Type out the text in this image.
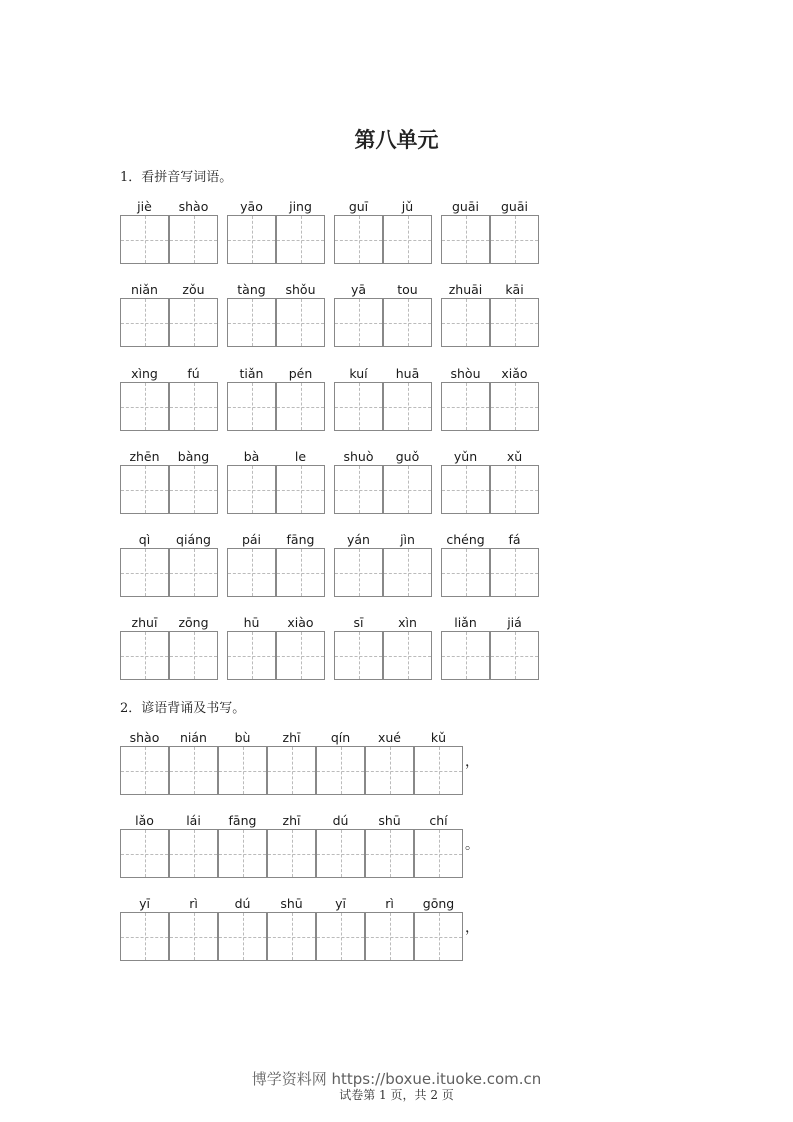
第八单元
1．看拼音写词语。
jiè	shào	yāo	jing	guī	jǔ	guāi	guāi
niǎn	zǒu	tàng	shǒu	yā	tou	zhuāi	kāi
xìng	fú	tiǎn	pén	kuí	huā	shòu	xiǎo
zhēn	bàng	bà	le	shuò	guǒ	yǔn	xǔ
qì	qiáng	pái	fāng	yán	jìn	chéng	fá
zhuī	zōng	hū	xiào	sī	xìn	liǎn	jiá
2．谚语背诵及书写。
shào	nián	bù	zhī	qín	xué	kǔ
，
lǎo	lái	fāng	zhī	dú	shū	chí
。
yī	rì	dú	shū	yī	rì	gōng
，
博学资料网 https://boxue.ituoke.com.cn
试卷第 1 页，共 2 页
